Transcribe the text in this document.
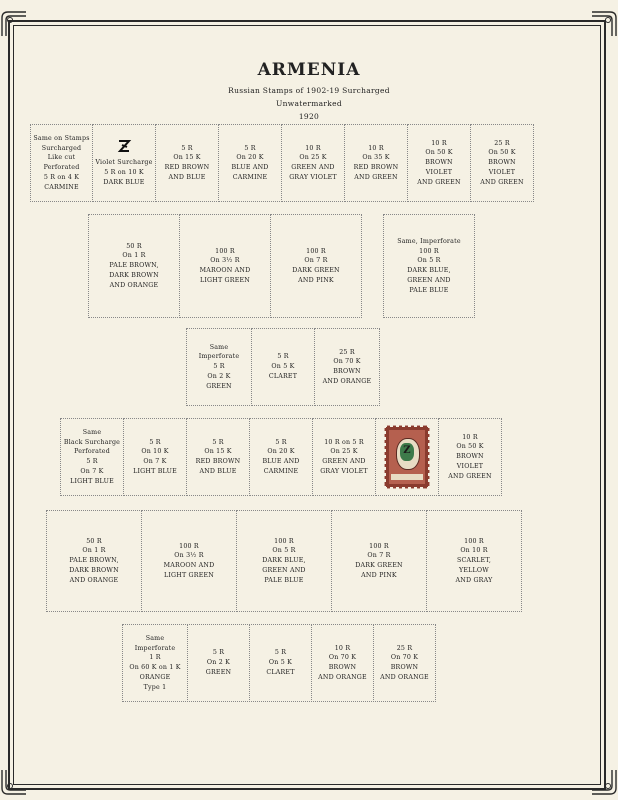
ARMENIA
Russian Stamps of 1902-19 Surcharged
Unwatermarked
1920
Same on Stamps
Surcharged
Like cut
Perforated
5 R on 4 K
CARMINE
Violet Surcharge
5 R on 10 K
DARK BLUE
5 R
On 15 K
RED BROWN
AND BLUE
5 R
On 20 K
BLUE AND
CARMINE
10 R
On 25 K
GREEN AND
GRAY VIOLET
10 R
On 35 K
RED BROWN
AND GREEN
10 R
On 50 K
BROWN
VIOLET
AND GREEN
25 R
On 50 K
BROWN
VIOLET
AND GREEN
50 R
On 1 R
PALE BROWN,
DARK BROWN
AND ORANGE
100 R
On 3½ R
MAROON AND
LIGHT GREEN
100 R
On 7 R
DARK GREEN
AND PINK
Same, Imperforate
100 R
On 5 R
DARK BLUE,
GREEN AND
PALE BLUE
Same
Imperforate
5 R
On 2 K
GREEN
5 R
On 5 K
CLARET
25 R
On 70 K
BROWN
AND ORANGE
Same
Black Surcharge
Perforated
5 R
On 7 K
LIGHT BLUE
5 R
On 10 K
On 7 K
LIGHT BLUE
5 R
On 15 K
RED BROWN
AND BLUE
5 R
On 20 K
BLUE AND
CARMINE
10 R on 5 R
On 25 K
GREEN AND
GRAY VIOLET
Z
10 R
On 50 K
BROWN
VIOLET
AND GREEN
50 R
On 1 R
PALE BROWN,
DARK BROWN
AND ORANGE
100 R
On 3½ R
MAROON AND
LIGHT GREEN
100 R
On 5 R
DARK BLUE,
GREEN AND
PALE BLUE
100 R
On 7 R
DARK GREEN
AND PINK
100 R
On 10 R
SCARLET,
YELLOW
AND GRAY
Same
Imperforate
1 R
On 60 K on 1 K
ORANGE
Type 1
5 R
On 2 K
GREEN
5 R
On 5 K
CLARET
10 R
On 70 K
BROWN
AND ORANGE
25 R
On 70 K
BROWN
AND ORANGE
